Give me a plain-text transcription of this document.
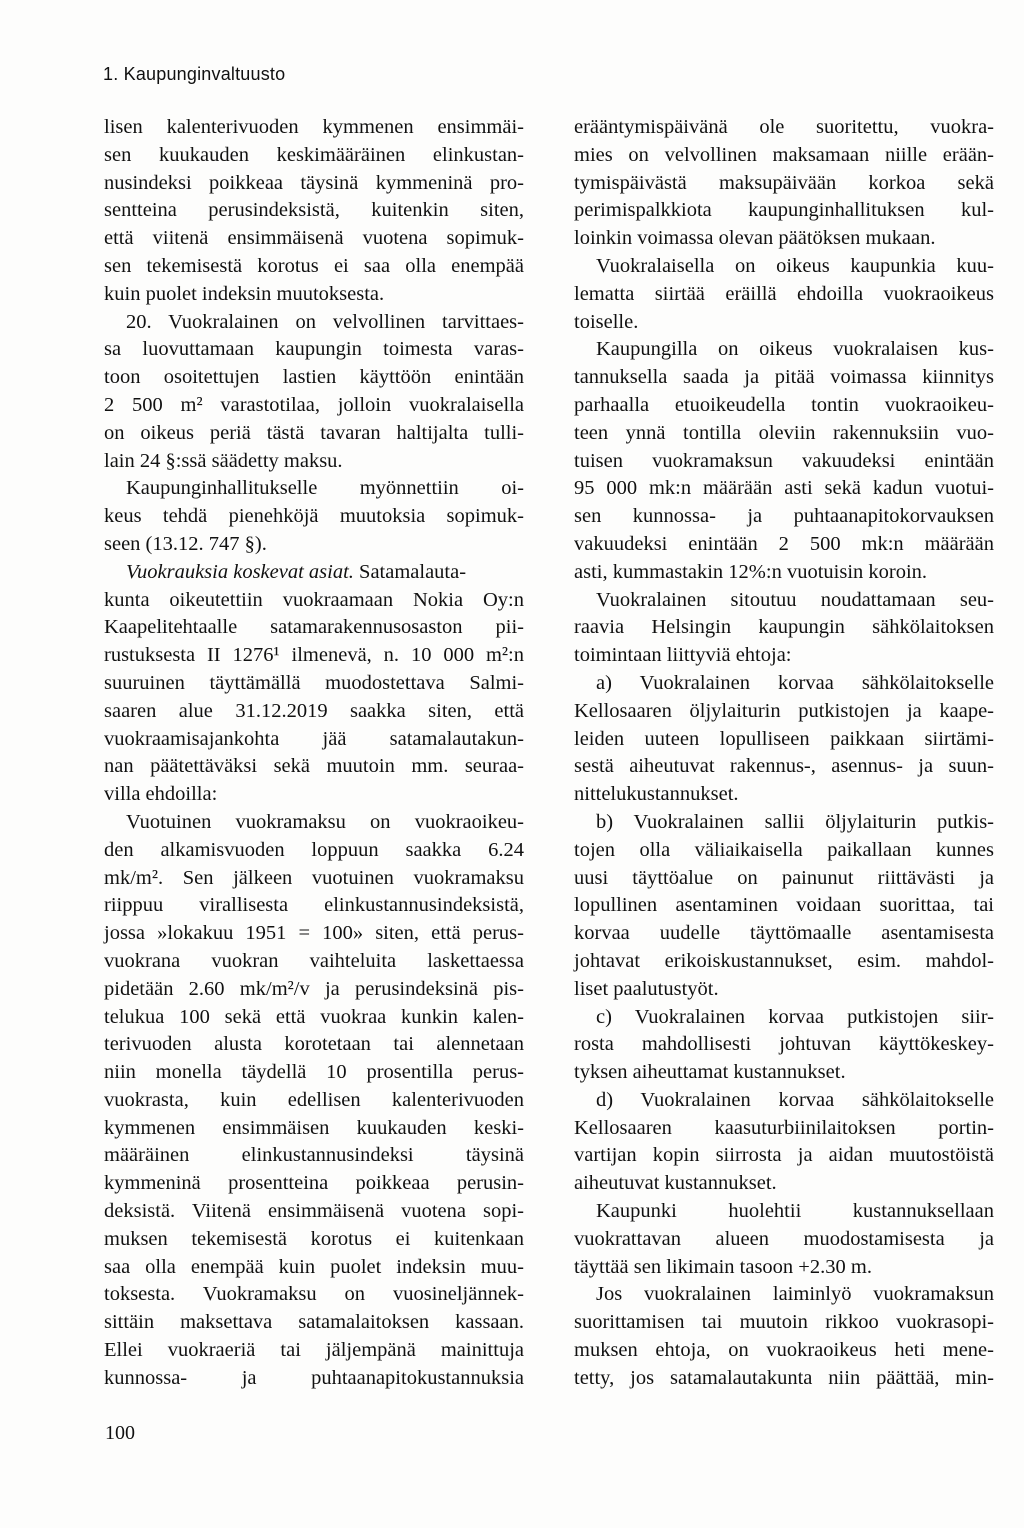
1. Kaupunginvaltuusto
lisen kalenterivuoden kymmenen ensimmäi-
sen kuukauden keskimääräinen elinkustan-
nusindeksi poikkeaa täysinä kymmeninä pro-
sentteina perusindeksistä, kuitenkin siten,
että viitenä ensimmäisenä vuotena sopimuk-
sen tekemisestä korotus ei saa olla enempää
kuin puolet indeksin muutoksesta.
20. Vuokralainen on velvollinen tarvittaes-
sa luovuttamaan kaupungin toimesta varas-
toon osoitettujen lastien käyttöön enintään
2 500 m² varastotilaa, jolloin vuokralaisella
on oikeus periä tästä tavaran haltijalta tulli-
lain 24 §:ssä säädetty maksu.
Kaupunginhallitukselle myönnettiin oi-
keus tehdä pienehköjä muutoksia sopimuk-
seen (13.12. 747 §).
Vuokrauksia koskevat asiat. Satamalauta-
kunta oikeutettiin vuokraamaan Nokia Oy:n
Kaapelitehtaalle satamarakennusosaston pii-
rustuksesta II 1276¹ ilmenevä, n. 10 000 m²:n
suuruinen täyttämällä muodostettava Salmi-
saaren alue 31.12.2019 saakka siten, että
vuokraamisajankohta jää satamalautakun-
nan päätettäväksi sekä muutoin mm. seuraa-
villa ehdoilla:
Vuotuinen vuokramaksu on vuokraoikeu-
den alkamisvuoden loppuun saakka 6.24
mk/m². Sen jälkeen vuotuinen vuokramaksu
riippuu virallisesta elinkustannusindeksistä,
jossa »lokakuu 1951 = 100» siten, että perus-
vuokrana vuokran vaihteluita laskettaessa
pidetään 2.60 mk/m²/v ja perusindeksinä pis-
telukua 100 sekä että vuokraa kunkin kalen-
terivuoden alusta korotetaan tai alennetaan
niin monella täydellä 10 prosentilla perus-
vuokrasta, kuin edellisen kalenterivuoden
kymmenen ensimmäisen kuukauden keski-
määräinen elinkustannusindeksi täysinä
kymmeninä prosentteina poikkeaa perusin-
deksistä. Viitenä ensimmäisenä vuotena sopi-
muksen tekemisestä korotus ei kuitenkaan
saa olla enempää kuin puolet indeksin muu-
toksesta. Vuokramaksu on vuosineljännek-
sittäin maksettava satamalaitoksen kassaan.
Ellei vuokraeriä tai jäljempänä mainittuja
kunnossa- ja puhtaanapitokustannuksia
erääntymispäivänä ole suoritettu, vuokra-
mies on velvollinen maksamaan niille erään-
tymispäivästä maksupäivään korkoa sekä
perimispalkkiota kaupunginhallituksen kul-
loinkin voimassa olevan päätöksen mukaan.
Vuokralaisella on oikeus kaupunkia kuu-
lematta siirtää eräillä ehdoilla vuokraoikeus
toiselle.
Kaupungilla on oikeus vuokralaisen kus-
tannuksella saada ja pitää voimassa kiinnitys
parhaalla etuoikeudella tontin vuokraoikeu-
teen ynnä tontilla oleviin rakennuksiin vuo-
tuisen vuokramaksun vakuudeksi enintään
95 000 mk:n määrään asti sekä kadun vuotui-
sen kunnossa- ja puhtaanapitokorvauksen
vakuudeksi enintään 2 500 mk:n määrään
asti, kummastakin 12%:n vuotuisin koroin.
Vuokralainen sitoutuu noudattamaan seu-
raavia Helsingin kaupungin sähkölaitoksen
toimintaan liittyviä ehtoja:
a) Vuokralainen korvaa sähkölaitokselle
Kellosaaren öljylaiturin putkistojen ja kaape-
leiden uuteen lopulliseen paikkaan siirtämi-
sestä aiheutuvat rakennus-, asennus- ja suun-
nittelukustannukset.
b) Vuokralainen sallii öljylaiturin putkis-
tojen olla väliaikaisella paikallaan kunnes
uusi täyttöalue on painunut riittävästi ja
lopullinen asentaminen voidaan suorittaa, tai
korvaa uudelle täyttömaalle asentamisesta
johtavat erikoiskustannukset, esim. mahdol-
liset paalutustyöt.
c) Vuokralainen korvaa putkistojen siir-
rosta mahdollisesti johtuvan käyttökeskey-
tyksen aiheuttamat kustannukset.
d) Vuokralainen korvaa sähkölaitokselle
Kellosaaren kaasuturbiinilaitoksen portin-
vartijan kopin siirrosta ja aidan muutostöistä
aiheutuvat kustannukset.
Kaupunki huolehtii kustannuksellaan
vuokrattavan alueen muodostamisesta ja
täyttää sen likimain tasoon +2.30 m.
Jos vuokralainen laiminlyö vuokramaksun
suorittamisen tai muutoin rikkoo vuokrasopi-
muksen ehtoja, on vuokraoikeus heti mene-
tetty, jos satamalautakunta niin päättää, min-
100
